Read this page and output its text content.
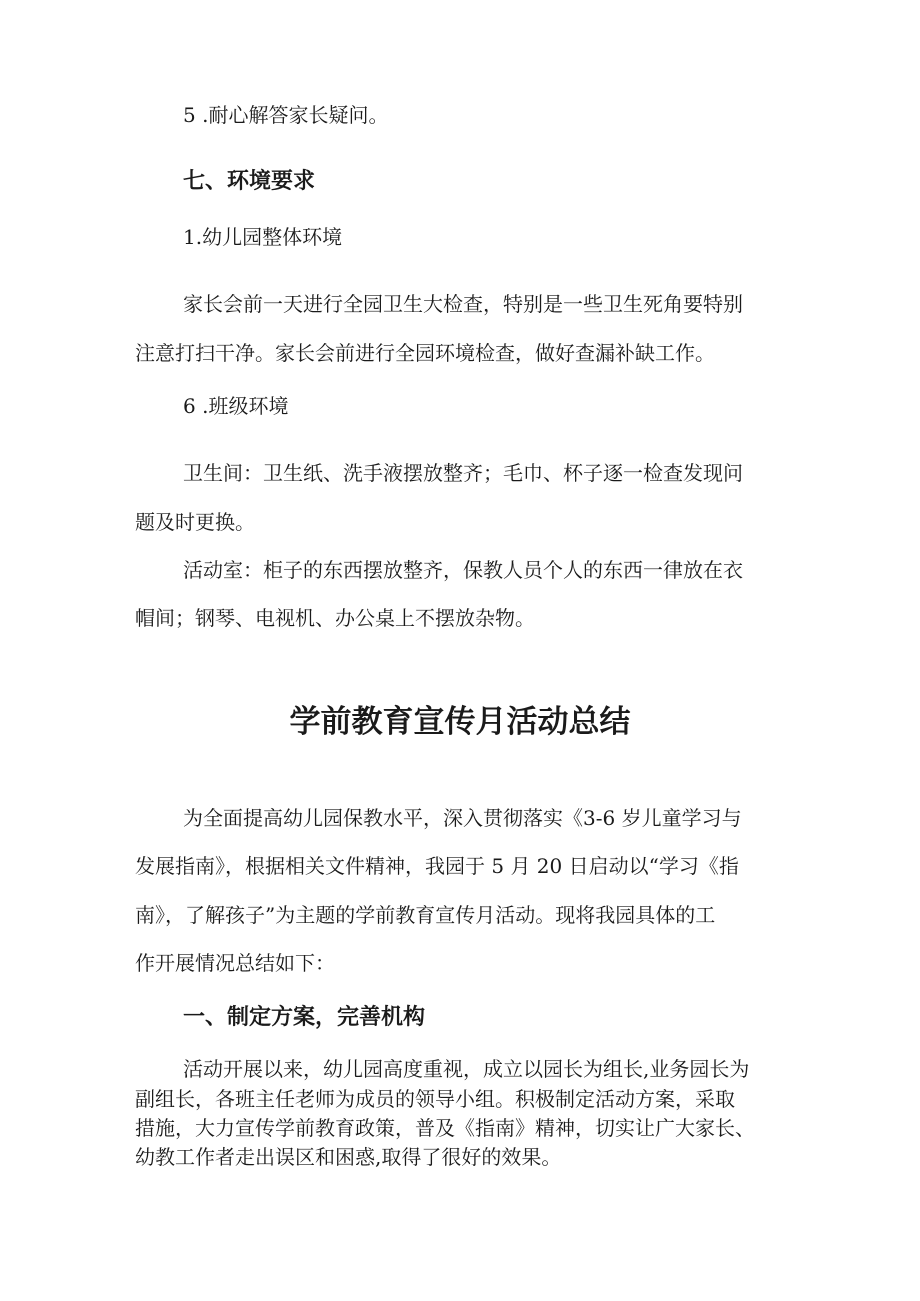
5 .耐心解答家长疑问。

七、环境要求

1.幼儿园整体环境

家长会前一天进行全园卫生大检查，特别是一些卫生死角要特别

注意打扫干净。家长会前进行全园环境检查，做好查漏补缺工作。

6 .班级环境

卫生间：卫生纸、洗手液摆放整齐；毛巾、杯子逐一检查发现问

题及时更换。

活动室：柜子的东西摆放整齐，保教人员个人的东西一律放在衣

帽间；钢琴、电视机、办公桌上不摆放杂物。

学前教育宣传月活动总结

为全面提高幼儿园保教水平，深入贯彻落实《3-6 岁儿童学习与

发展指南》，根据相关文件精神，我园于 5 月 20 日启动以“学习《指

南》，了解孩子”为主题的学前教育宣传月活动。现将我园具体的工

作开展情况总结如下：

一、制定方案，完善机构

活动开展以来，幼儿园高度重视，成立以园长为组长,业务园长为

副组长，各班主任老师为成员的领导小组。积极制定活动方案，采取

措施，大力宣传学前教育政策，普及《指南》精神，切实让广大家长、

幼教工作者走出误区和困惑,取得了很好的效果。
